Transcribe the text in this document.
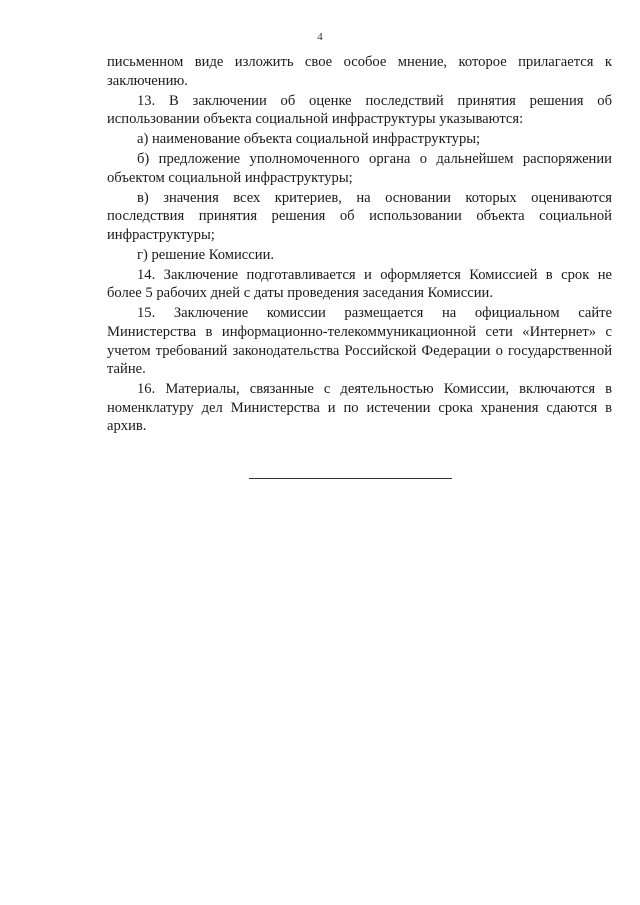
4

письменном виде изложить свое особое мнение, которое прилагается к заключению.

13. В заключении об оценке последствий принятия решения об использовании объекта социальной инфраструктуры указываются:

а) наименование объекта социальной инфраструктуры;

б) предложение уполномоченного органа о дальнейшем распоряжении объектом социальной инфраструктуры;

в) значения всех критериев, на основании которых оцениваются последствия принятия решения об использовании объекта социальной инфраструктуры;

г) решение Комиссии.

14. Заключение подготавливается и оформляется Комиссией в срок не более 5 рабочих дней с даты проведения заседания Комиссии.

15. Заключение комиссии размещается на официальном сайте Министерства в информационно-телекоммуникационной сети «Интернет» с учетом требований законодательства Российской Федерации о государственной тайне.

16. Материалы, связанные с деятельностью Комиссии, включаются в номенклатуру дел Министерства и по истечении срока хранения сдаются в архив.
